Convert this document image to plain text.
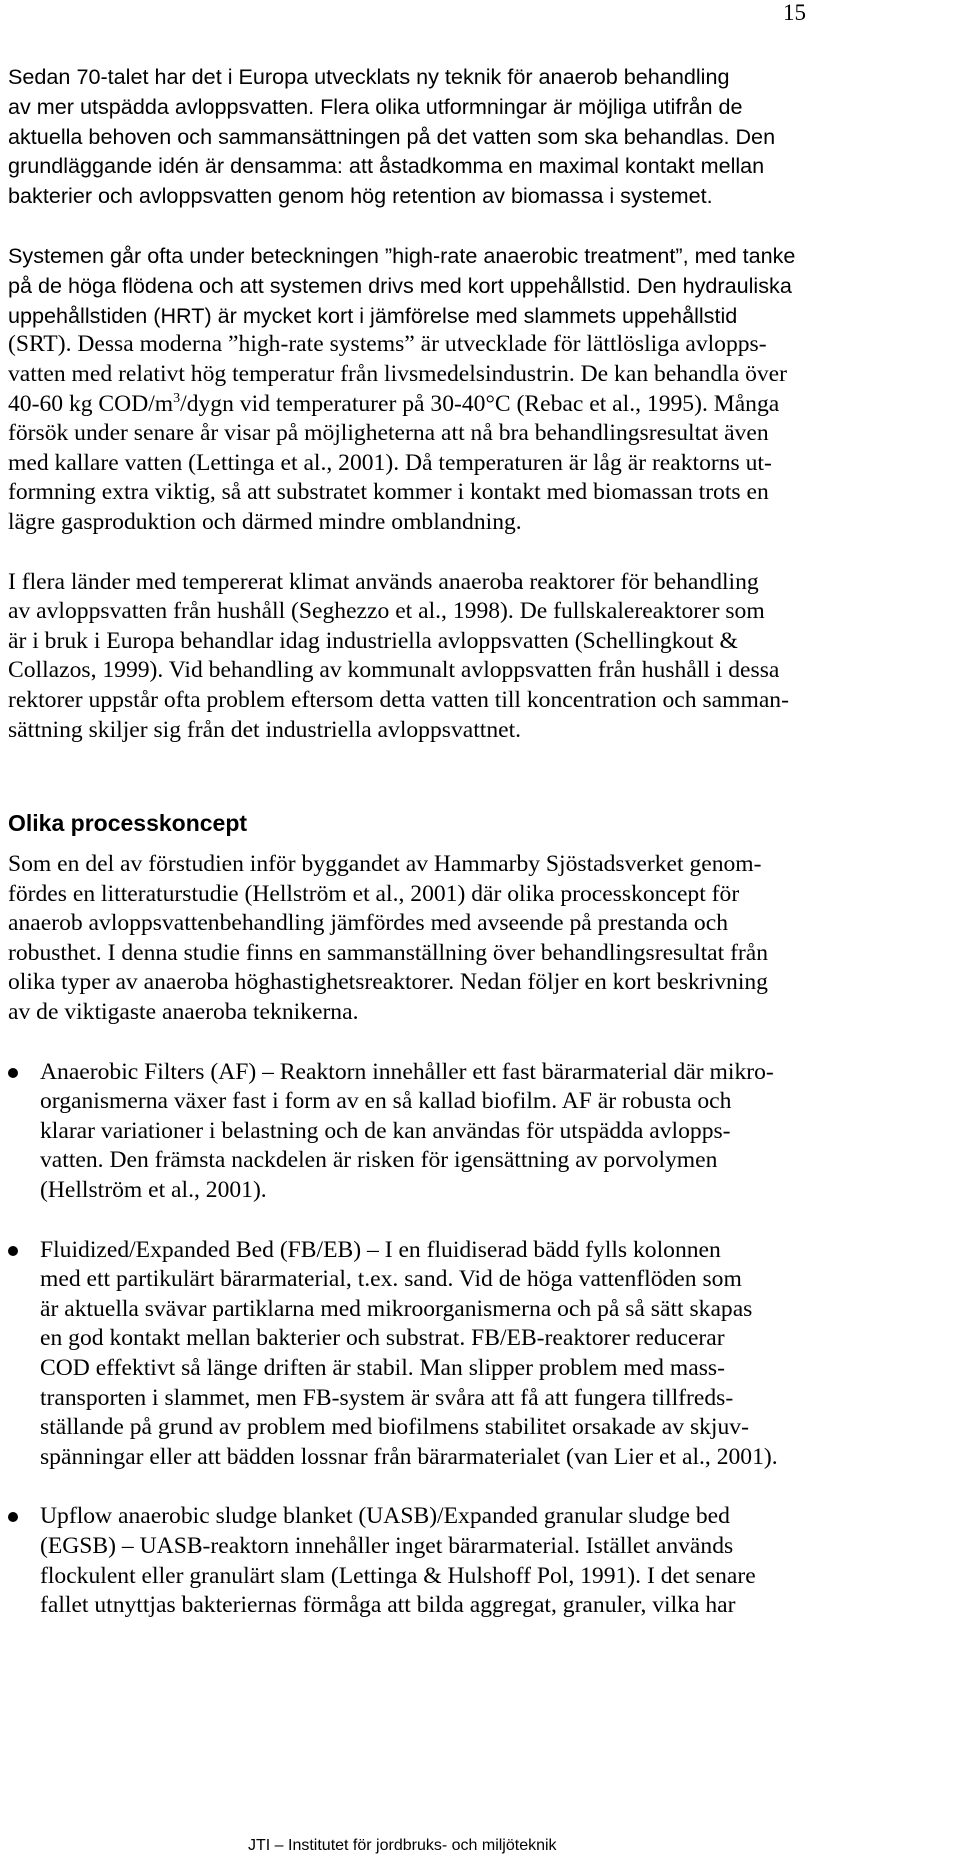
15
Sedan 70-talet har det i Europa utvecklats ny teknik för anaerob behandling
av mer utspädda avloppsvatten. Flera olika utformningar är möjliga utifrån de
aktuella behoven och sammansättningen på det vatten som ska behandlas. Den
grundläggande idén är densamma: att åstadkomma en maximal kontakt mellan
bakterier och avloppsvatten genom hög retention av biomassa i systemet.
Systemen går ofta under beteckningen ”high-rate anaerobic treatment”, med tanke
på de höga flödena och att systemen drivs med kort uppehållstid. Den hydrauliska
uppehållstiden (HRT) är mycket kort i jämförelse med slammets uppehållstid
(SRT). Dessa moderna ”high-rate systems” är utvecklade för lättlösliga avlopps-
vatten med relativt hög temperatur från livsmedelsindustrin. De kan behandla över
40-60 kg COD/$m^3$/dygn vid temperaturer på 30-40°C (Rebac et al., 1995). Många
försök under senare år visar på möjligheterna att nå bra behandlingsresultat även
med kallare vatten (Lettinga et al., 2001). Då temperaturen är låg är reaktorns ut-
formning extra viktig, så att substratet kommer i kontakt med biomassan trots en
lägre gasproduktion och därmed mindre omblandning.
I flera länder med tempererat klimat används anaeroba reaktorer för behandling
av avloppsvatten från hushåll (Seghezzo et al., 1998). De fullskalereaktorer som
är i bruk i Europa behandlar idag industriella avloppsvatten (Schellingkout &
Collazos, 1999). Vid behandling av kommunalt avloppsvatten från hushåll i dessa
rektorer uppstår ofta problem eftersom detta vatten till koncentration och samman-
sättning skiljer sig från det industriella avloppsvattnet.
Olika processkoncept
Som en del av förstudien inför byggandet av Hammarby Sjöstadsverket genom-
fördes en litteraturstudie (Hellström et al., 2001) där olika processkoncept för
anaerob avloppsvattenbehandling jämfördes med avseende på prestanda och
robusthet. I denna studie finns en sammanställning över behandlingsresultat från
olika typer av anaeroba höghastighetsreaktorer. Nedan följer en kort beskrivning
av de viktigaste anaeroba teknikerna.
Anaerobic Filters (AF) – Reaktorn innehåller ett fast bärarmaterial där mikro-
organismerna växer fast i form av en så kallad biofilm. AF är robusta och
klarar variationer i belastning och de kan användas för utspädda avlopps-
vatten. Den främsta nackdelen är risken för igensättning av porvolymen
(Hellström et al., 2001).
Fluidized/Expanded Bed (FB/EB) – I en fluidiserad bädd fylls kolonnen
med ett partikulärt bärarmaterial, t.ex. sand. Vid de höga vattenflöden som
är aktuella svävar partiklarna med mikroorganismerna och på så sätt skapas
en god kontakt mellan bakterier och substrat. FB/EB-reaktorer reducerar
COD effektivt så länge driften är stabil. Man slipper problem med mass-
transporten i slammet, men FB-system är svåra att få att fungera tillfreds-
ställande på grund av problem med biofilmens stabilitet orsakade av skjuv-
spänningar eller att bädden lossnar från bärarmaterialet (van Lier et al., 2001).
Upflow anaerobic sludge blanket (UASB)/Expanded granular sludge bed
(EGSB) – UASB-reaktorn innehåller inget bärarmaterial. Istället används
flockulent eller granulärt slam (Lettinga & Hulshoff Pol, 1991). I det senare
fallet utnyttjas bakteriernas förmåga att bilda aggregat, granuler, vilka har
JTI – Institutet för jordbruks- och miljöteknik
